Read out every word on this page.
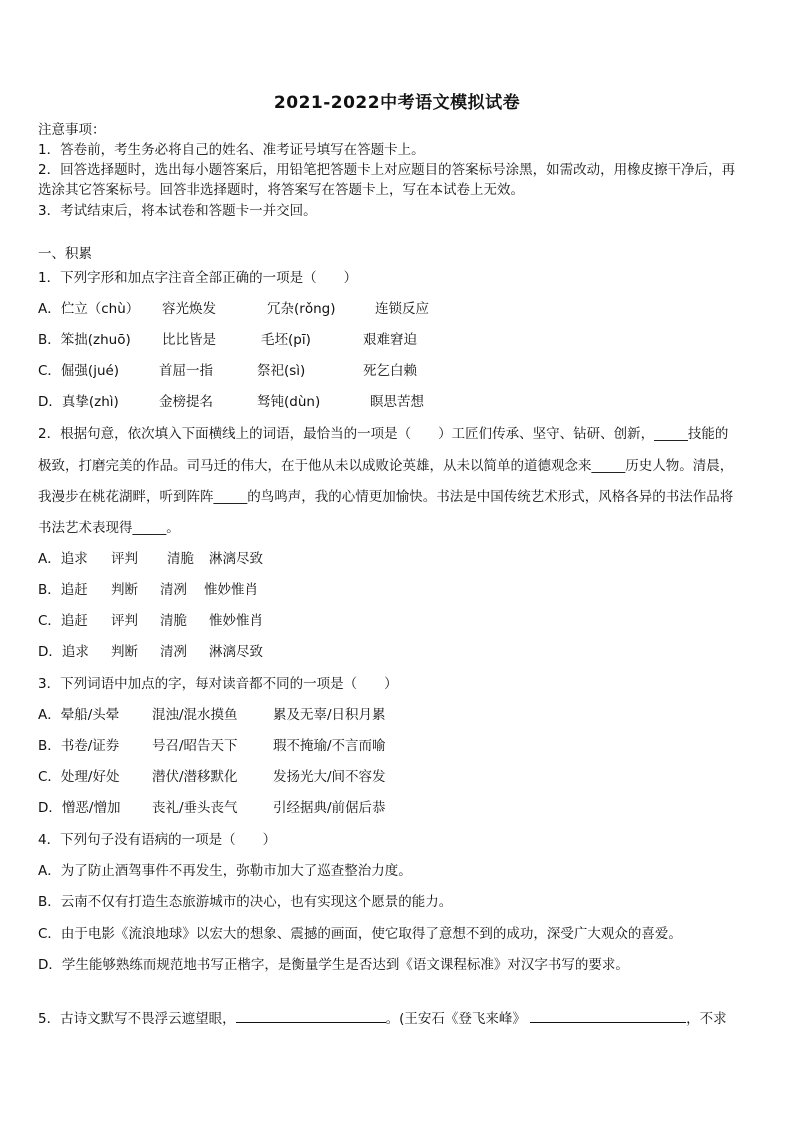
2021-2022中考语文模拟试卷
注意事项：
1．答卷前，考生务必将自己的姓名、准考证号填写在答题卡上。
2．回答选择题时，选出每小题答案后，用铅笔把答题卡上对应题目的答案标号涂黑，如需改动，用橡皮擦干净后，再
选涂其它答案标号。回答非选择题时，将答案写在答题卡上，写在本试卷上无效。
3．考试结束后，将本试卷和答题卡一并交回。
一、积累
1．下列字形和加点字注音全部正确的一项是（　　）
A．伫立（chù）	容光焕发	冗杂(rǒng)	连锁反应
B．笨拙(zhuō)	比比皆是	毛坯(pī)	艰难窘迫
C．倔强(jué)	首屈一指	祭祀(sì)	死乞白赖
D．真挚(zhì)	金榜提名	驽钝(dùn)	瞑思苦想
2．根据句意，依次填入下面横线上的词语，最恰当的一项是（　　）工匠们传承、坚守、钻研、创新，_____技能的
极致，打磨完美的作品。司马迁的伟大，在于他从未以成败论英雄，从未以简单的道德观念来_____历史人物。清晨，
我漫步在桃花湖畔，听到阵阵_____的鸟鸣声，我的心情更加愉快。书法是中国传统艺术形式，风格各异的书法作品将
书法艺术表现得_____。
A．追求	评判	清脆	淋漓尽致
B．追赶	判断	清冽	惟妙惟肖
C．追赶	评判	清脆	惟妙惟肖
D．追求	判断	清冽	淋漓尽致
3．下列词语中加点的字，每对读音都不同的一项是（　　）
A．晕船/头晕	混浊/混水摸鱼	累及无辜/日积月累
B．书卷/证券	号召/昭告天下	瑕不掩瑜/不言而喻
C．处理/好处	潜伏/潜移默化	发扬光大/间不容发
D．憎恶/憎加	丧礼/垂头丧气	引经据典/前倨后恭
4．下列句子没有语病的一项是（　　）
A．为了防止酒驾事件不再发生，弥勒市加大了巡查整治力度。
B．云南不仅有打造生态旅游城市的决心，也有实现这个愿景的能力。
C．由于电影《流浪地球》以宏大的想象、震撼的画面，使它取得了意想不到的成功，深受广大观众的喜爱。
D．学生能够熟练而规范地书写正楷字，是衡量学生是否达到《语文课程标准》对汉字书写的要求。
5．古诗文默写不畏浮云遮望眼，	。(王安石《登飞来峰》	，不求
